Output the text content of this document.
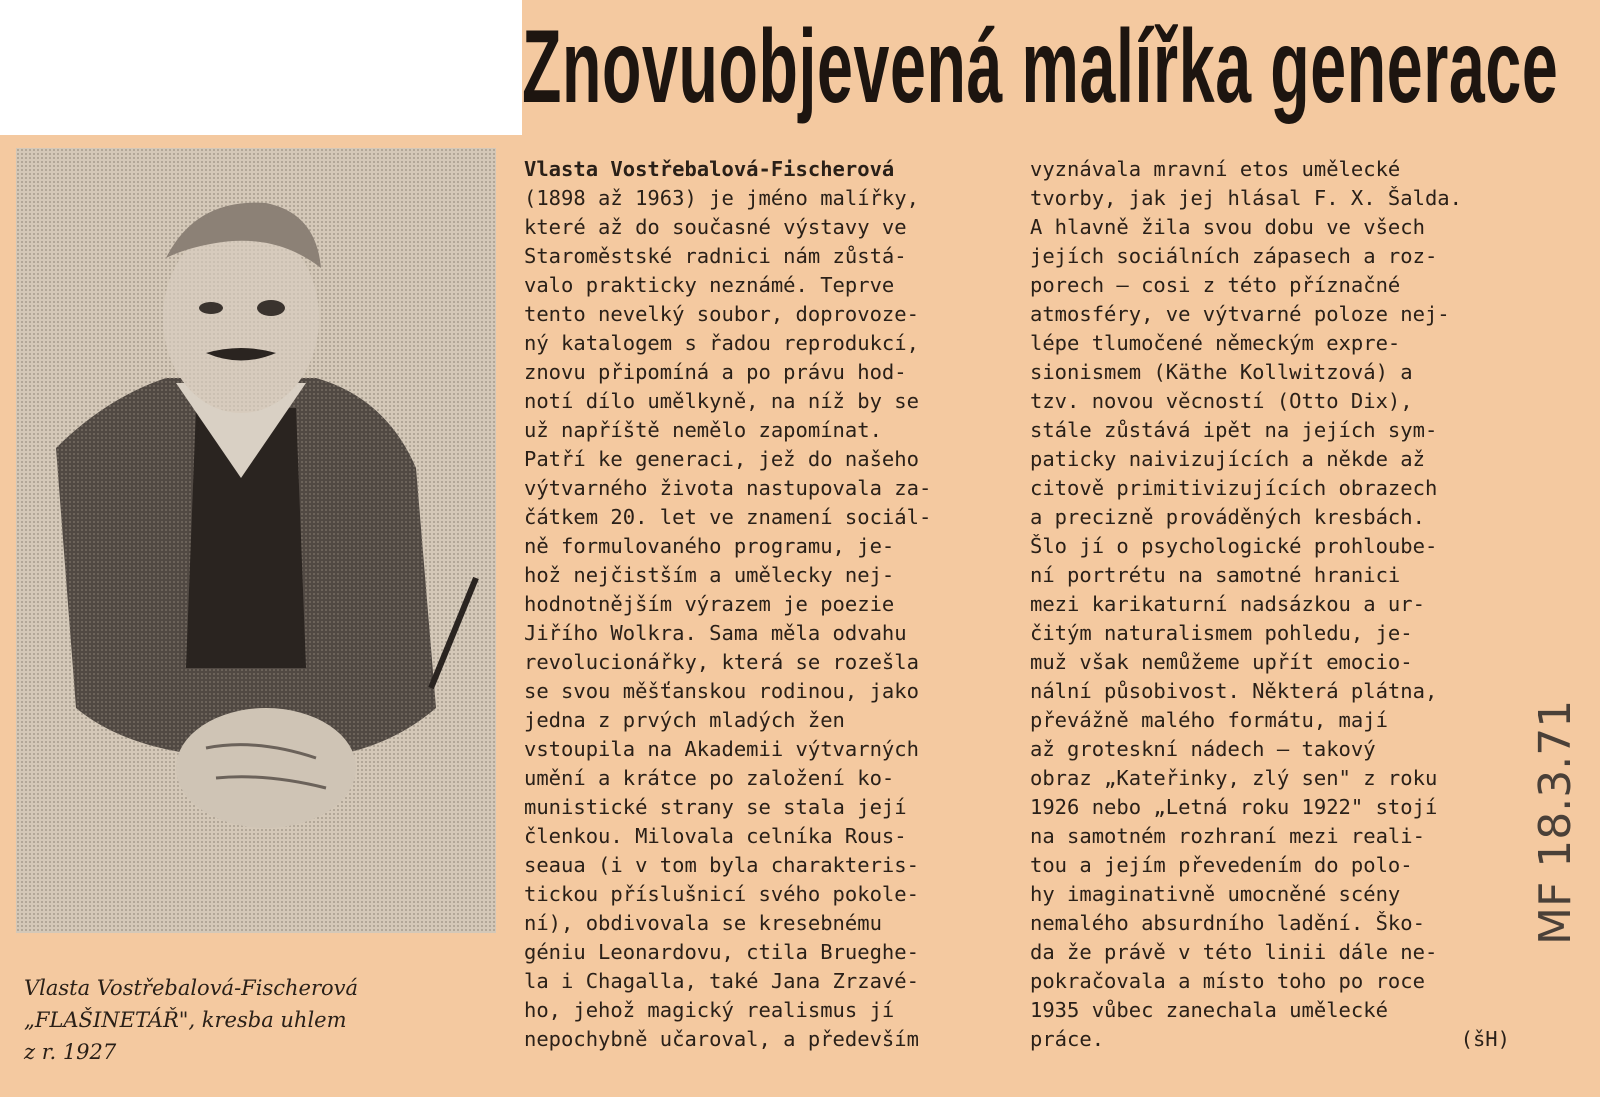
Znovuobjevená malířka generace
Vlasta Vostřebalová-Fischerová
„FLAŠINETÁŘ", kresba uhlem
z r. 1927
Vlasta Vostřebalová-Fischerová
(1898 až 1963) je jméno malířky,
které až do současné výstavy ve
Staroměstské radnici nám zůstá-
valo prakticky neznámé. Teprve
tento nevelký soubor, doprovoze-
ný katalogem s řadou reprodukcí,
znovu připomíná a po právu hod-
notí dílo umělkyně, na níž by se
už napříště nemělo zapomínat.
Patří ke generaci, jež do našeho
výtvarného života nastupovala za-
čátkem 20. let ve znamení sociál-
ně formulovaného programu, je-
hož nejčistším a umělecky nej-
hodnotnějším výrazem je poezie
Jiřího Wolkra. Sama měla odvahu
revolucionářky, která se rozešla
se svou měšťanskou rodinou, jako
jedna z prvých mladých žen
vstoupila na Akademii výtvarných
umění a krátce po založení ko-
munistické strany se stala její
členkou. Milovala celníka Rous-
seaua (i v tom byla charakteris-
tickou příslušnicí svého pokole-
ní), obdivovala se kresebnému
géniu Leonardovu, ctila Brueghe-
la i Chagalla, také Jana Zrzavé-
ho, jehož magický realismus jí
nepochybně učaroval, a především
vyznávala mravní etos umělecké
tvorby, jak jej hlásal F. X. Šalda.
A hlavně žila svou dobu ve všech
jejích sociálních zápasech a roz-
porech — cosi z této příznačné
atmosféry, ve výtvarné poloze nej-
lépe tlumočené německým expre-
sionismem (Käthe Kollwitzová) a
tzv. novou věcností (Otto Dix),
stále zůstává ipět na jejích sym-
paticky naivizujících a někde až
citově primitivizujících obrazech
a precizně prováděných kresbách.
Šlo jí o psychologické prohloube-
ní portrétu na samotné hranici
mezi karikaturní nadsázkou a ur-
čitým naturalismem pohledu, je-
muž však nemůžeme upřít emocio-
nální působivost. Některá plátna,
převážně malého formátu, mají
až groteskní nádech — takový
obraz „Kateřinky, zlý sen" z roku
1926 nebo „Letná roku 1922" stojí
na samotném rozhraní mezi reali-
tou a jejím převedením do polo-
hy imaginativně umocněné scény
nemalého absurdního ladění. Ško-
da že právě v této linii dále ne-
pokračovala a místo toho po roce
1935 vůbec zanechala umělecké
práce.	(šH)
MF 18.3.71
